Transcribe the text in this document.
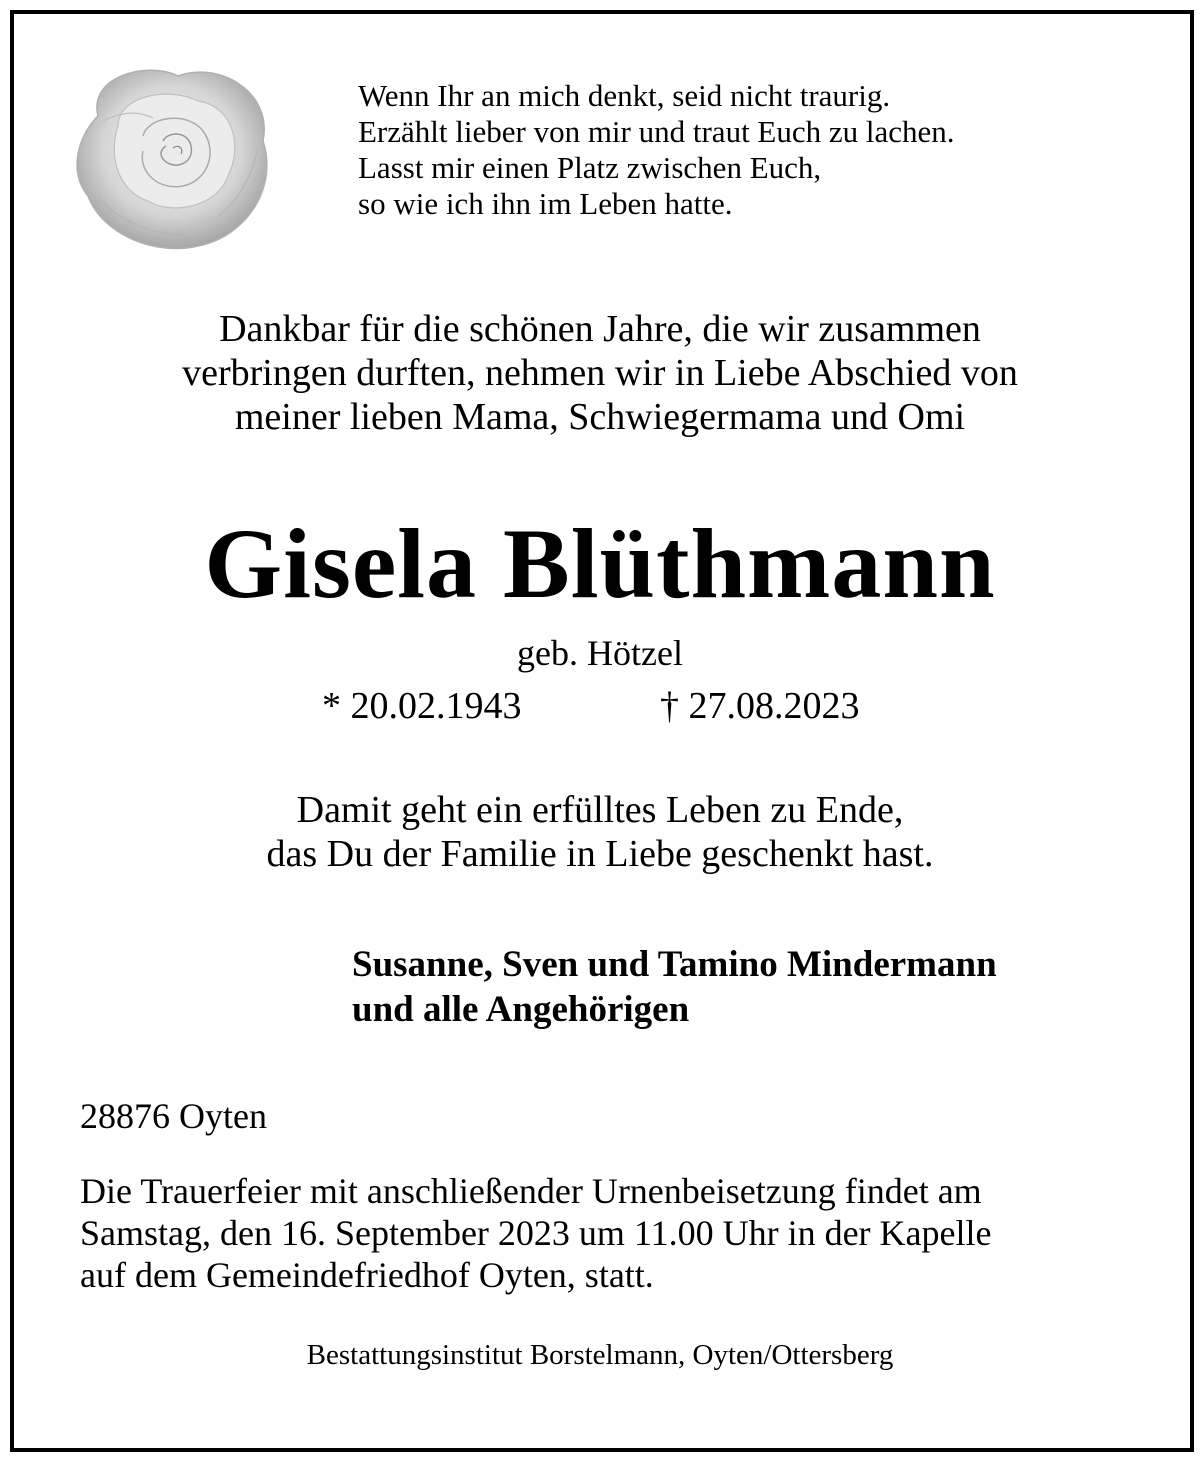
Wenn Ihr an mich denkt, seid nicht traurig.
Erzählt lieber von mir und traut Euch zu lachen.
Lasst mir einen Platz zwischen Euch,
so wie ich ihn im Leben hatte.
Dankbar für die schönen Jahre, die wir zusammen
verbringen durften, nehmen wir in Liebe Abschied von
meiner lieben Mama, Schwiegermama und Omi
Gisela Blüthmann
geb. Hötzel
* 20.02.1943	† 27.08.2023
Damit geht ein erfülltes Leben zu Ende,
das Du der Familie in Liebe geschenkt hast.
Susanne, Sven und Tamino Mindermann
und alle Angehörigen
28876 Oyten
Die Trauerfeier mit anschließender Urnenbeisetzung findet am
Samstag, den 16. September 2023 um 11.00 Uhr in der Kapelle
auf dem Gemeindefriedhof Oyten, statt.
Bestattungsinstitut Borstelmann, Oyten/Ottersberg
